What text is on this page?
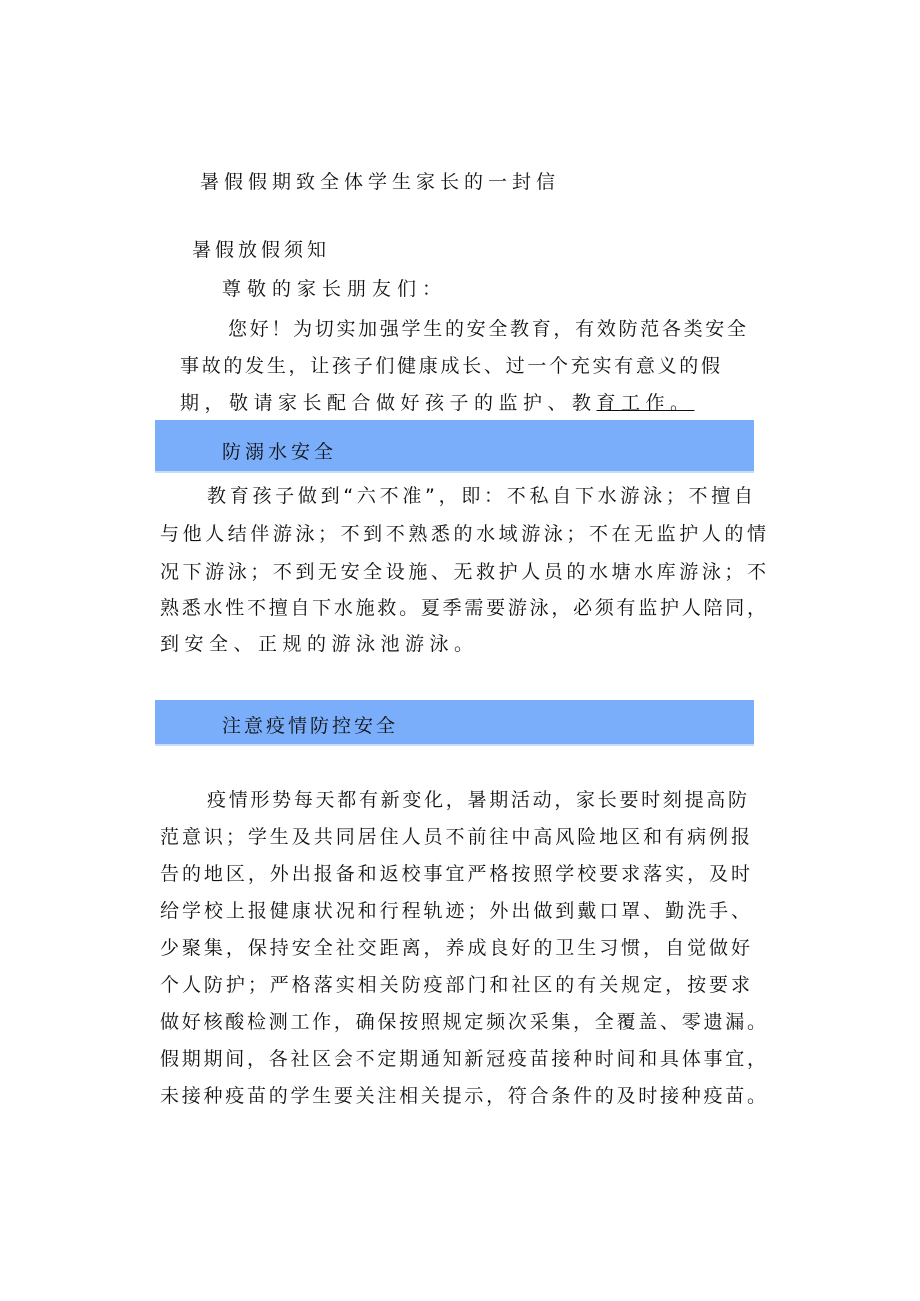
暑假假期致全体学生家长的一封信
暑假放假须知
尊敬的家长朋友们：
您好！为切实加强学生的安全教育，有效防范各类安全
事故的发生，让孩子们健康成长、过一个充实有意义的假
期，敬请家长配合做好孩子的监护、教育工作。
防溺水安全
教育孩子做到“六不准”，即：不私自下水游泳；不擅自
与他人结伴游泳；不到不熟悉的水域游泳；不在无监护人的情
况下游泳；不到无安全设施、无救护人员的水塘水库游泳；不
熟悉水性不擅自下水施救。夏季需要游泳，必须有监护人陪同，
到安全、正规的游泳池游泳。
注意疫情防控安全
疫情形势每天都有新变化，暑期活动，家长要时刻提高防
范意识；学生及共同居住人员不前往中高风险地区和有病例报
告的地区，外出报备和返校事宜严格按照学校要求落实，及时
给学校上报健康状况和行程轨迹；外出做到戴口罩、勤洗手、
少聚集，保持安全社交距离，养成良好的卫生习惯，自觉做好
个人防护；严格落实相关防疫部门和社区的有关规定，按要求
做好核酸检测工作，确保按照规定频次采集，全覆盖、零遗漏。
假期期间，各社区会不定期通知新冠疫苗接种时间和具体事宜，
未接种疫苗的学生要关注相关提示，符合条件的及时接种疫苗。
